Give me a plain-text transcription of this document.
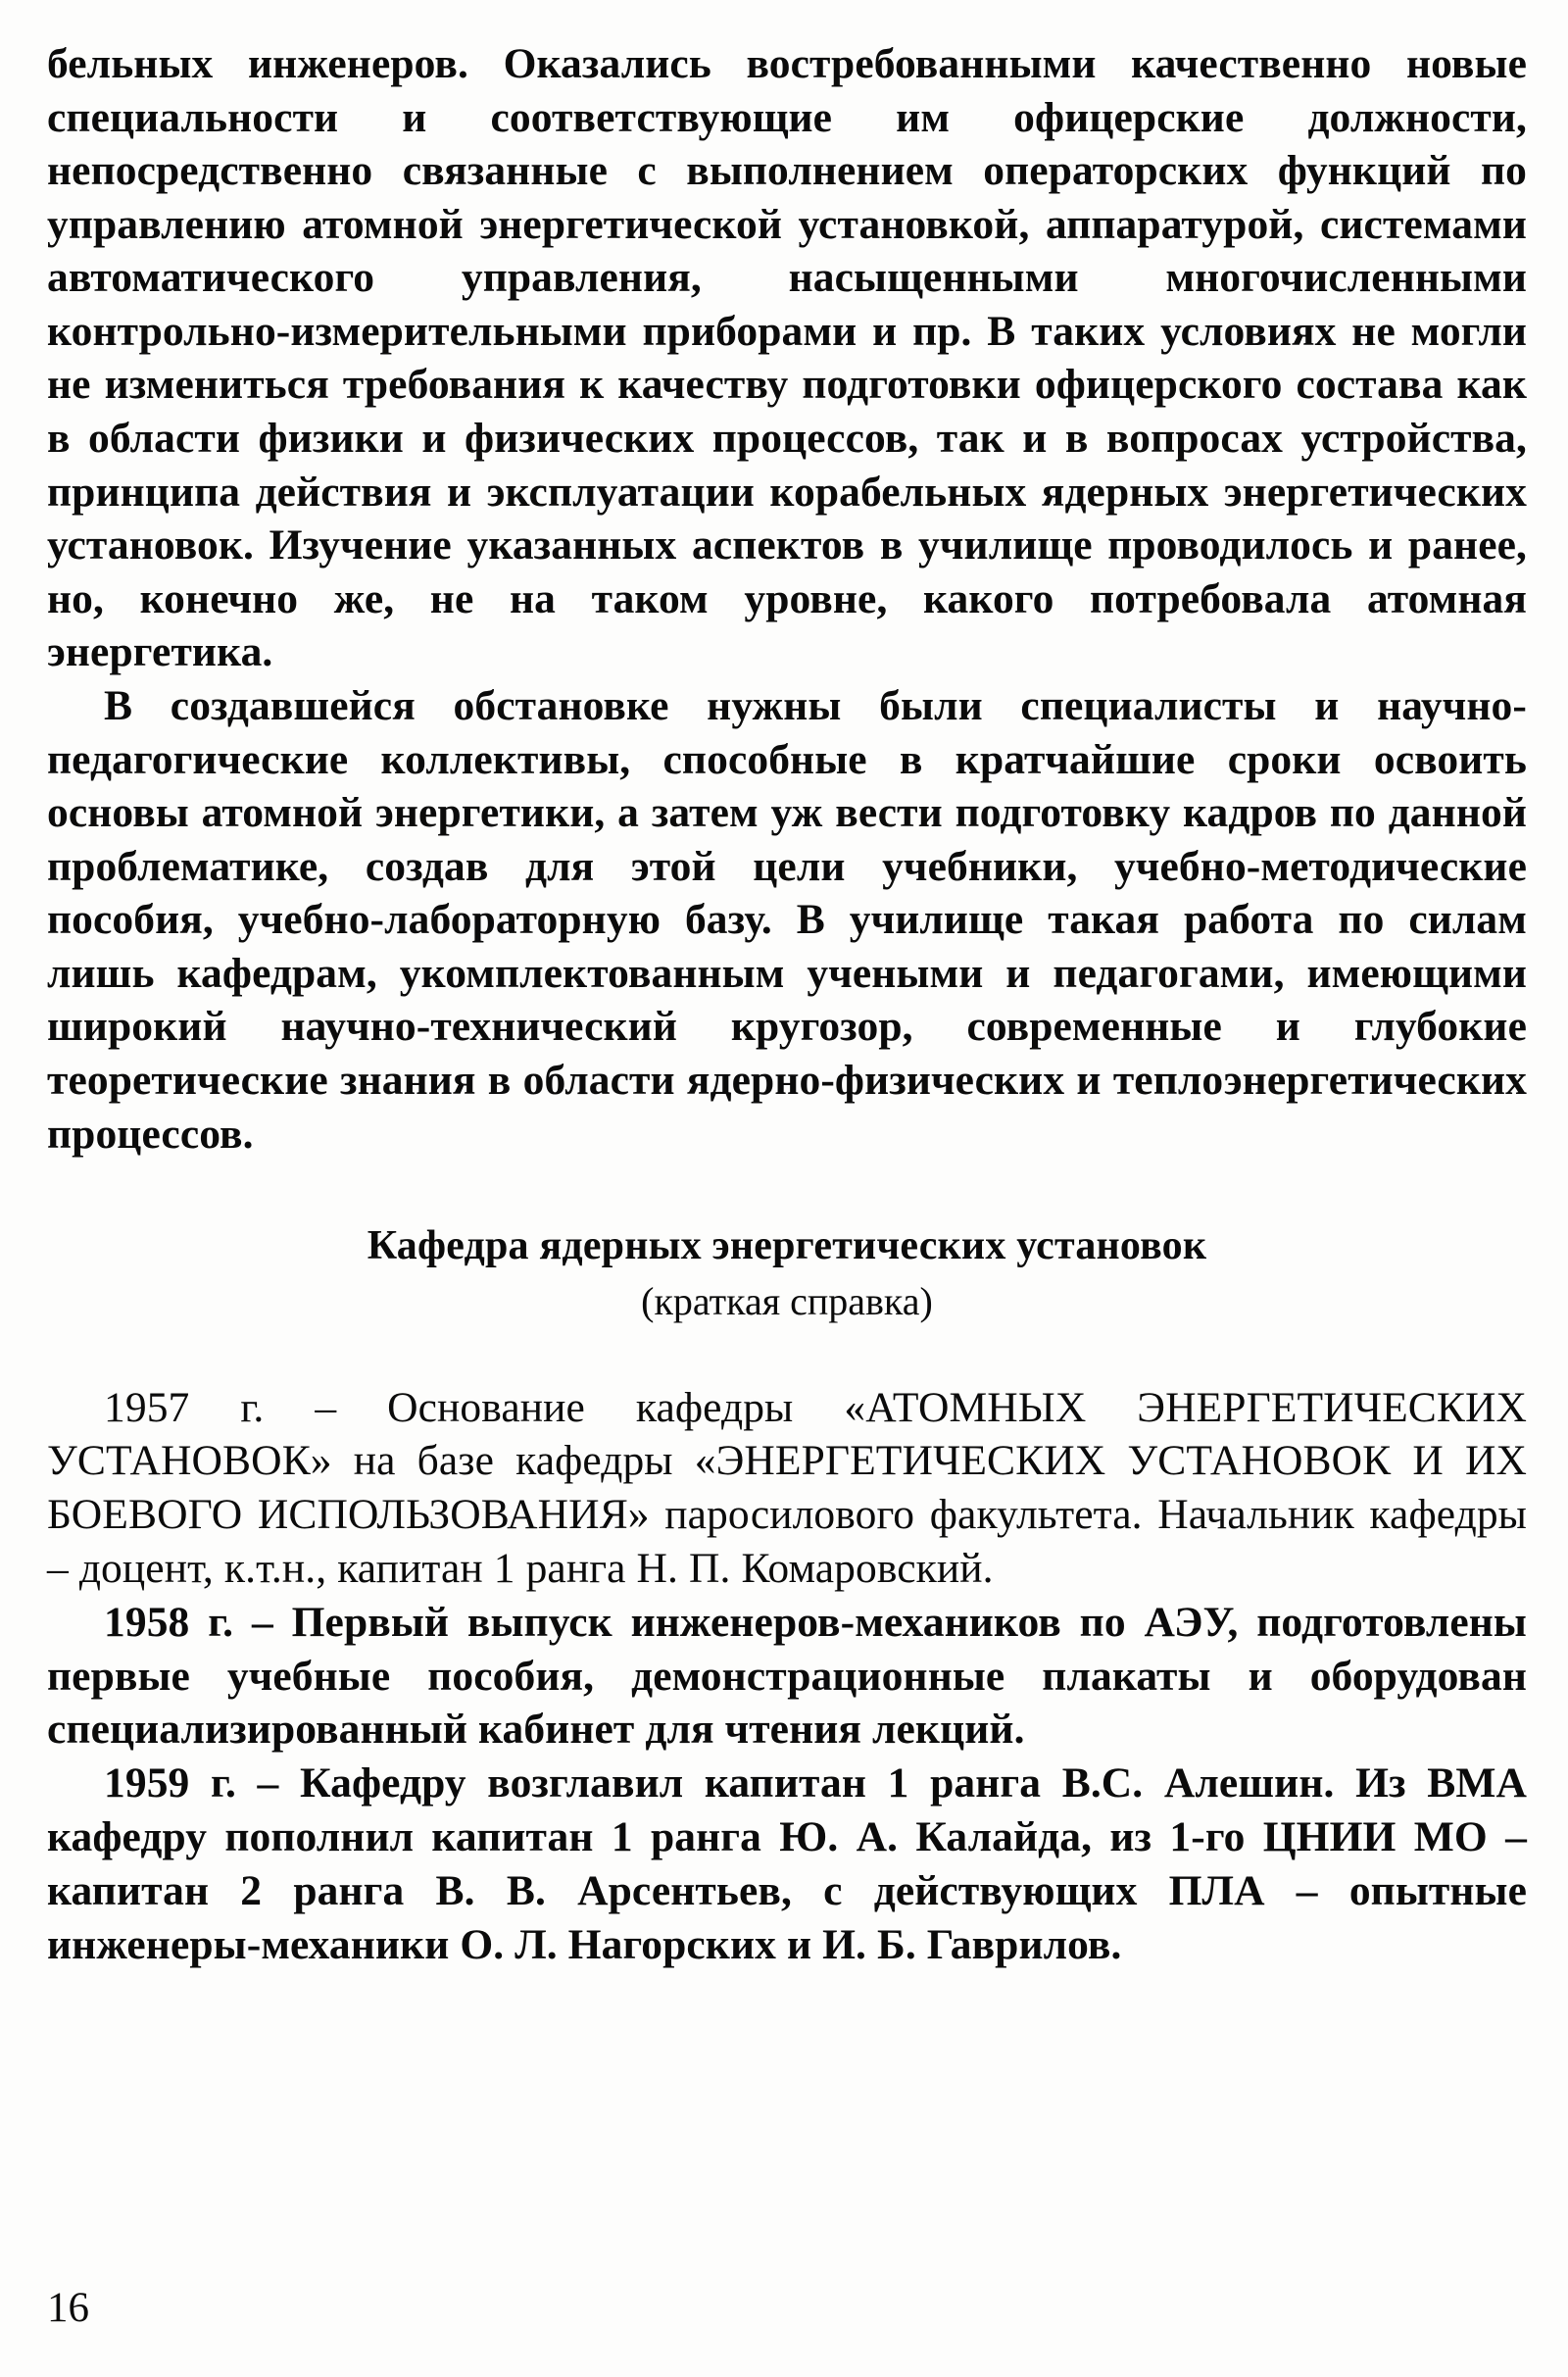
бельных инженеров. Оказались востребованными качественно новые специальности и соответствующие им офицерские должности, непосредственно связанные с выполнением операторских функций по управлению атомной энергетической установкой, аппаратурой, системами автоматического управления, насыщенными многочисленными контрольно-измерительными приборами и пр. В таких условиях не могли не измениться требования к качеству подготовки офицерского состава как в области физики и физических процессов, так и в вопросах устройства, принципа действия и эксплуатации корабельных ядерных энергетических установок. Изучение указанных аспектов в училище проводилось и ранее, но, конечно же, не на таком уровне, какого потребовала атомная энергетика.

В создавшейся обстановке нужны были специалисты и научно-педагогические коллективы, способные в кратчайшие сроки освоить основы атомной энергетики, а затем уж вести подготовку кадров по данной проблематике, создав для этой цели учебники, учебно-методические пособия, учебно-лабораторную базу. В училище такая работа по силам лишь кафедрам, укомплектованным учеными и педагогами, имеющими широкий научно-технический кругозор, современные и глубокие теоретические знания в области ядерно-физических и теплоэнергетических процессов.

Кафедра ядерных энергетических установок
(краткая справка)

1957 г. – Основание кафедры «АТОМНЫХ ЭНЕРГЕТИЧЕСКИХ УСТАНОВОК» на базе кафедры «ЭНЕРГЕТИЧЕСКИХ УСТАНОВОК И ИХ БОЕВОГО ИСПОЛЬЗОВАНИЯ» паросилового факультета. Начальник кафедры – доцент, к.т.н., капитан 1 ранга Н. П. Комаровский.

1958 г. – Первый выпуск инженеров-механиков по АЭУ, подготовлены первые учебные пособия, демонстрационные плакаты и оборудован специализированный кабинет для чтения лекций.

1959 г. – Кафедру возглавил капитан 1 ранга В.С. Алешин. Из ВМА кафедру пополнил капитан 1 ранга Ю. А. Калайда, из 1-го ЦНИИ МО – капитан 2 ранга В. В. Арсентьев, с действующих ПЛА – опытные инженеры-механики О. Л. Нагорских и И. Б. Гаврилов.

16
